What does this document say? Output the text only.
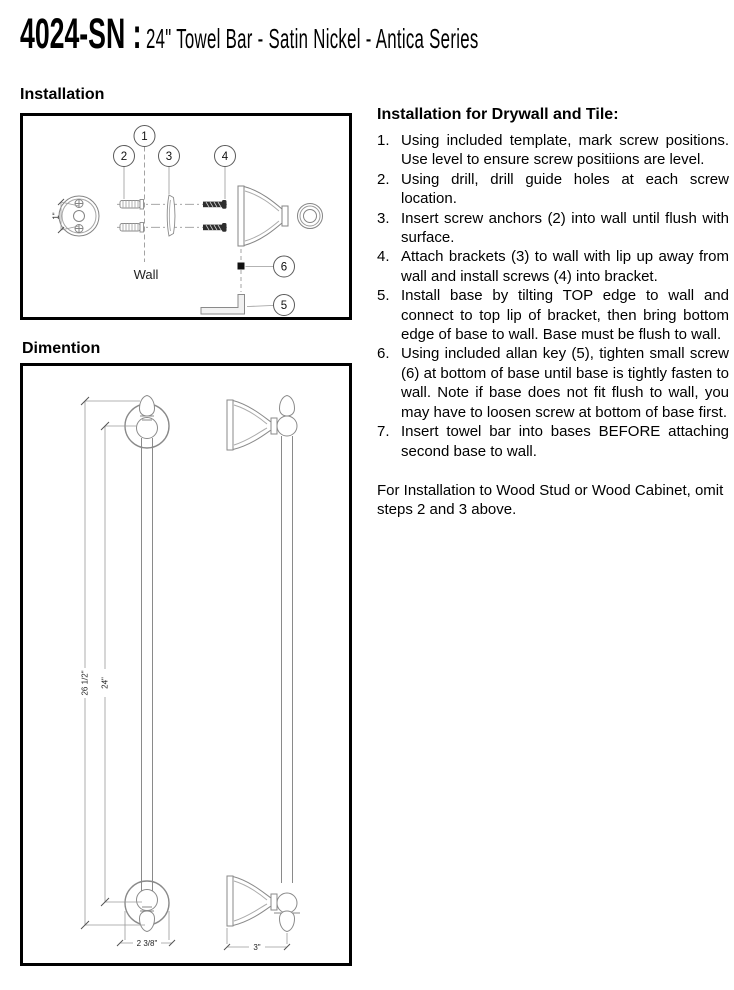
4024-SN : 24" Towel Bar - Satin Nickel - Antica Series
Installation
1"
1
2	3	4
6
5
Wall
Dimention
26 1/2" 24"
2 3/8"	3"

Installation for Drywall and Tile:

1. Using included template, mark screw positions. Use level to ensure screw positiions are level.
2. Using drill, drill guide holes at each screw location.
3. Insert screw anchors (2) into wall until flush with surface.
4. Attach brackets (3) to wall with lip up away from wall and install screws (4) into bracket.
5. Install base by tilting TOP edge to wall and connect to top lip of bracket, then bring bottom edge of base to wall. Base must be flush to wall.
6. Using included allan key (5), tighten small screw (6) at bottom of base until base is tightly fasten to wall. Note if base does not fit flush to wall, you may have to loosen screw at bottom of base first.
7. Insert towel bar into bases BEFORE attaching second base to wall.

For Installation to Wood Stud or Wood Cabinet, omit steps 2 and 3 above.
